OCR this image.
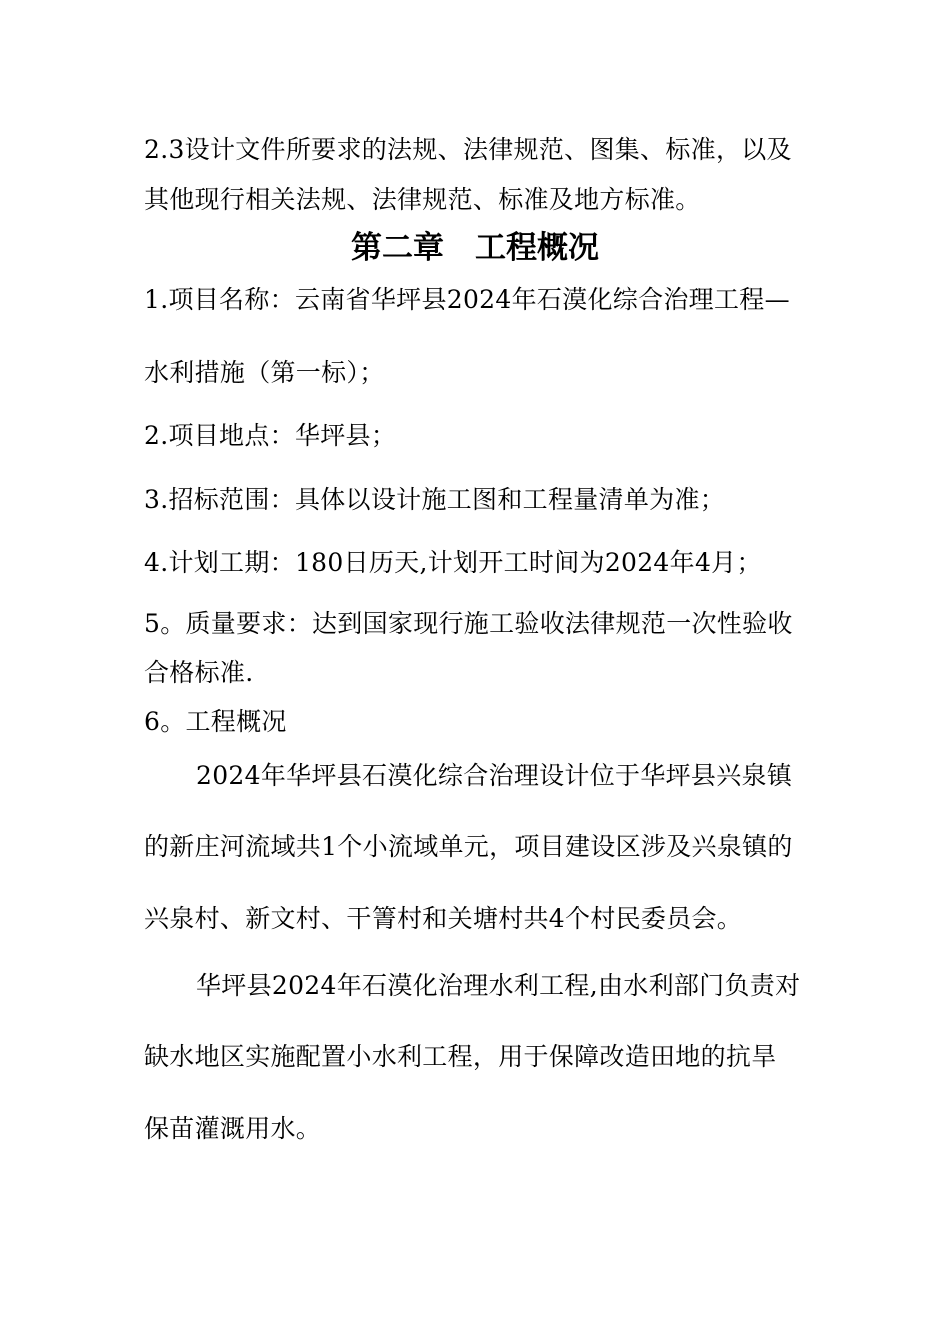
2.3设计文件所要求的法规、法律规范、图集、标准，以及
其他现行相关法规、法律规范、标准及地方标准。
第二章　工程概况
1.项目名称：云南省华坪县2024年石漠化综合治理工程—
水利措施（第一标）；
2.项目地点：华坪县；
3.招标范围：具体以设计施工图和工程量清单为准；
4.计划工期：180日历天,计划开工时间为2024年4月；
5。质量要求：达到国家现行施工验收法律规范一次性验收
合格标准.
6。工程概况
2024年华坪县石漠化综合治理设计位于华坪县兴泉镇
的新庄河流域共1个小流域单元，项目建设区涉及兴泉镇的
兴泉村、新文村、干箐村和关塘村共4个村民委员会。
华坪县2024年石漠化治理水利工程,由水利部门负责对
缺水地区实施配置小水利工程，用于保障改造田地的抗旱
保苗灌溉用水。
